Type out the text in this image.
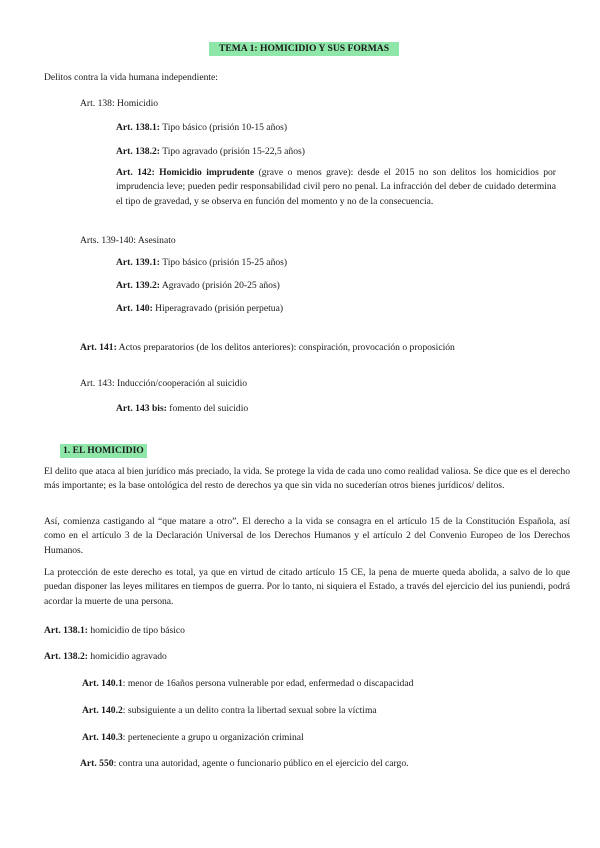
TEMA 1: HOMICIDIO Y SUS FORMAS
Delitos contra la vida humana independiente:
Art. 138: Homicidio
Art. 138.1: Tipo básico (prisión 10-15 años)
Art. 138.2: Tipo agravado (prisión 15-22,5 años)
Art. 142: Homicidio imprudente (grave o menos grave): desde el 2015 no son delitos los homicidios por imprudencia leve; pueden pedir responsabilidad civil pero no penal. La infracción del deber de cuidado determina el tipo de gravedad, y se observa en función del momento y no de la consecuencia.
Arts. 139-140: Asesinato
Art. 139.1: Tipo básico (prisión 15-25 años)
Art. 139.2: Agravado (prisión 20-25 años)
Art. 140: Hiperagravado (prisión perpetua)
Art. 141: Actos preparatorios (de los delitos anteriores): conspiración, provocación o proposición
Art. 143: Inducción/cooperación al suicidio
Art. 143 bis: fomento del suicidio
1. EL HOMICIDIO
El delito que ataca al bien jurídico más preciado, la vida. Se protege la vida de cada uno como realidad valiosa. Se dice que es el derecho más importante; es la base ontológica del resto de derechos ya que sin vida no sucederían otros bienes jurídicos/ delitos.
Así, comienza castigando al “que matare a otro”. El derecho a la vida se consagra en el artículo 15 de la Constitución Española, así como en el artículo 3 de la Declaración Universal de los Derechos Humanos y el artículo 2 del Convenio Europeo de los Derechos Humanos.
La protección de este derecho es total, ya que en virtud de citado artículo 15 CE, la pena de muerte queda abolida, a salvo de lo que puedan disponer las leyes militares en tiempos de guerra. Por lo tanto, ni siquiera el Estado, a través del ejercicio del ius puniendi, podrá acordar la muerte de una persona.
Art. 138.1: homicidio de tipo básico
Art. 138.2: homicidio agravado
Art. 140.1: menor de 16años persona vulnerable por edad, enfermedad o discapacidad
Art. 140.2: subsiguiente a un delito contra la libertad sexual sobre la víctima
Art. 140.3: perteneciente a grupo u organización criminal
Art. 550: contra una autoridad, agente o funcionario público en el ejercicio del cargo.
